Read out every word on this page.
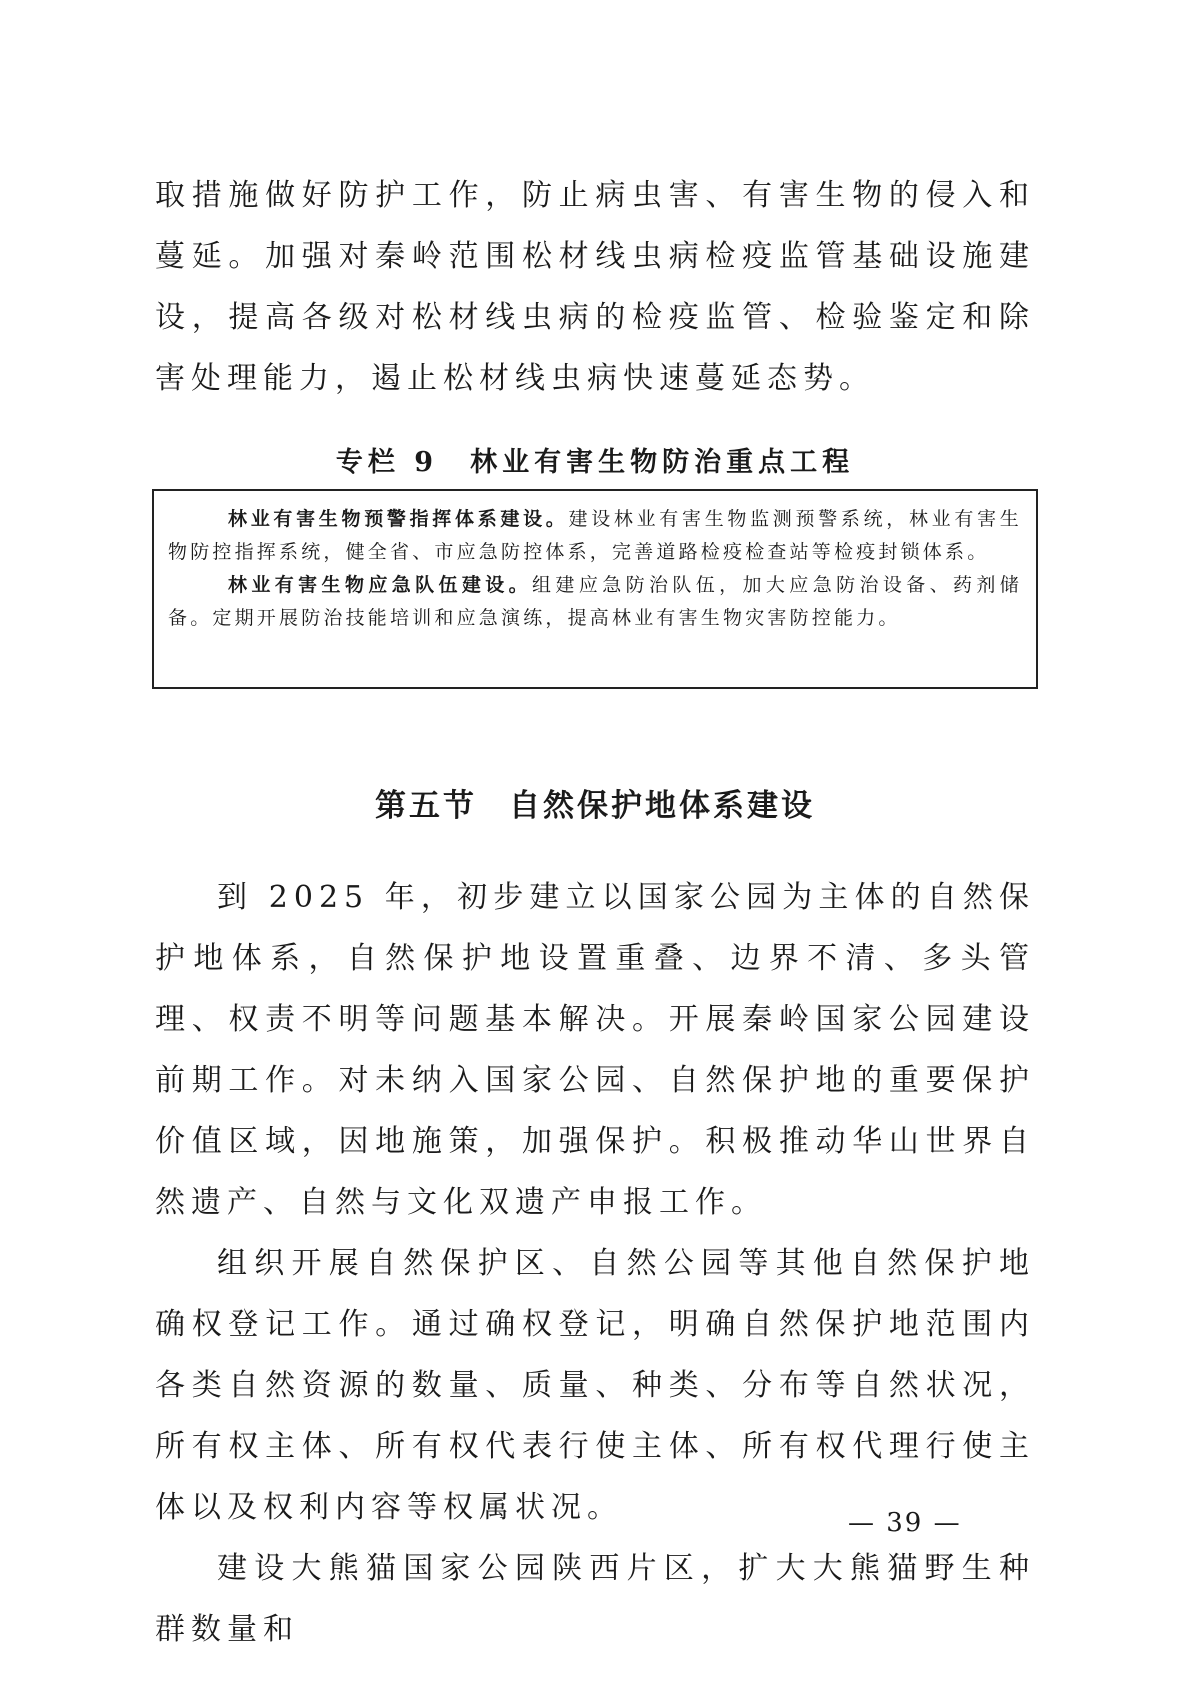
取措施做好防护工作，防止病虫害、有害生物的侵入和蔓延。加强对秦岭范围松材线虫病检疫监管基础设施建设，提高各级对松材线虫病的检疫监管、检验鉴定和除害处理能力，遏止松材线虫病快速蔓延态势。

专栏 9　林业有害生物防治重点工程

林业有害生物预警指挥体系建设。建设林业有害生物监测预警系统，林业有害生物防控指挥系统，健全省、市应急防控体系，完善道路检疫检查站等检疫封锁体系。

林业有害生物应急队伍建设。组建应急防治队伍，加大应急防治设备、药剂储备。定期开展防治技能培训和应急演练，提高林业有害生物灾害防控能力。

第五节 自然保护地体系建设

到 2025 年，初步建立以国家公园为主体的自然保护地体系，自然保护地设置重叠、边界不清、多头管理、权责不明等问题基本解决。开展秦岭国家公园建设前期工作。对未纳入国家公园、自然保护地的重要保护价值区域，因地施策，加强保护。积极推动华山世界自然遗产、自然与文化双遗产申报工作。

组织开展自然保护区、自然公园等其他自然保护地确权登记工作。通过确权登记，明确自然保护地范围内各类自然资源的数量、质量、种类、分布等自然状况，所有权主体、所有权代表行使主体、所有权代理行使主体以及权利内容等权属状况。

建设大熊猫国家公园陕西片区，扩大大熊猫野生种群数量和

— 39 —
